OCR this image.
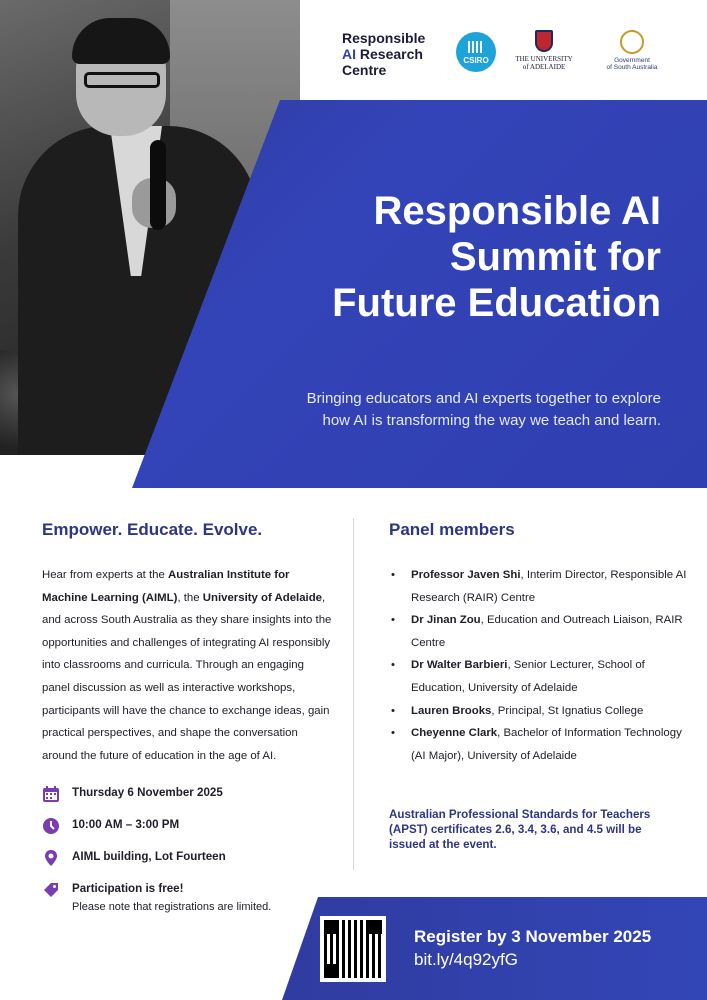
Responsible
AI Research
Centre
CSIRO	THE UNIVERSITY
of ADELAIDE
Government
of South Australia
Responsible AI
Summit for
Future Education
Bringing educators and AI experts together to explore
how AI is transforming the way we teach and learn.
Empower. Educate. Evolve.

Hear from experts at the Australian Institute for Machine Learning (AIML), the University of Adelaide, and across South Australia as they share insights into the opportunities and challenges of integrating AI responsibly into classrooms and curricula. Through an engaging panel discussion as well as interactive workshops, participants will have the chance to exchange ideas, gain practical perspectives, and shape the conversation around the future of education in the age of AI.

Thursday 6 November 2025
10:00 AM – 3:00 PM
AIML building, Lot Fourteen
Participation is free!
Please note that registrations are limited.
Panel members
• Professor Javen Shi, Interim Director, Responsible AI Research (RAIR) Centre
• Dr Jinan Zou, Education and Outreach Liaison, RAIR Centre
• Dr Walter Barbieri, Senior Lecturer, School of Education, University of Adelaide
• Lauren Brooks, Principal, St Ignatius College
• Cheyenne Clark, Bachelor of Information Technology (AI Major), University of Adelaide

Australian Professional Standards for Teachers (APST) certificates 2.6, 3.4, 3.6, and 4.5 will be issued at the event.

Register by 3 November 2025
bit.ly/4q92yfG
